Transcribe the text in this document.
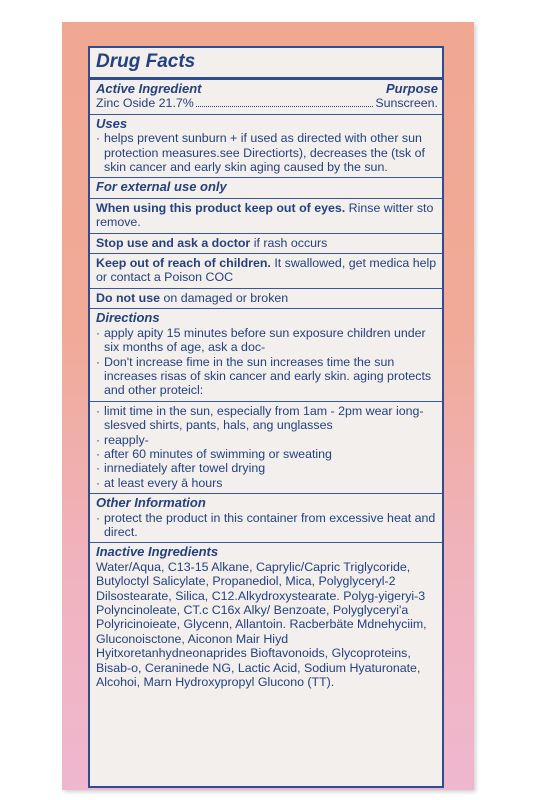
Drug Facts
Active Ingredient	Purpose
Zinc Oside 21.7%	Sunscreen.
Uses
· helps prevent sunburn + if used as directed with other sun protection measures.see Directiorts), decreases the (tsk of skin cancer and early skin aging caused by the sun.
For external use only

When using this product keep out of eyes. Rinse witter sto remove.

Stop use and ask a doctor if rash occurs

Keep out of reach of children. It swallowed, get medica help or contact a Poison COC

Do not use on damaged or broken

Directions
· apply apity 15 minutes before sun exposure children under six months of age, ask a doc-
· Don't increase fime in the sun increases time the sun increases risas of skin cancer and early skin. aging protects and other proteicl:
· limit time in the sun, especially from 1am - 2pm wear iong-slesved shirts, pants, hals, ang unglasses
· reapply-
· after 60 minutes of swimming or sweating
· inrnediately after towel drying
· at least every ā hours
Other Information
· protect the product in this container from excessive heat and direct.
Inactive Ingredients

Water/Aqua, C13-15 Alkane, Caprylic/Capric Triglycoride, Butyloctyl Salicylate, Propanediol, Mica, Polyglyceryl-2 Dilsostearate, Silica, C12.Alkydroxystearate. Polyg-yigeryi-3 Polyncinoleate, CT.c C16x Alky/ Benzoate, Polyglyceryi'a Polyricinoieate, Glycenn, Allantoin. Racberbäte Mdnehyciim, Gluconoisctone, Aiconon Mair Hiyd Hyitxoretanhydneonaprides Bioftavonoids, Glycoproteins, Bisab-o, Ceraninede NG, Lactic Acid, Sodium Hyaturonate, Alcohoi, Marn Hydroxypropyl Glucono (TT).
